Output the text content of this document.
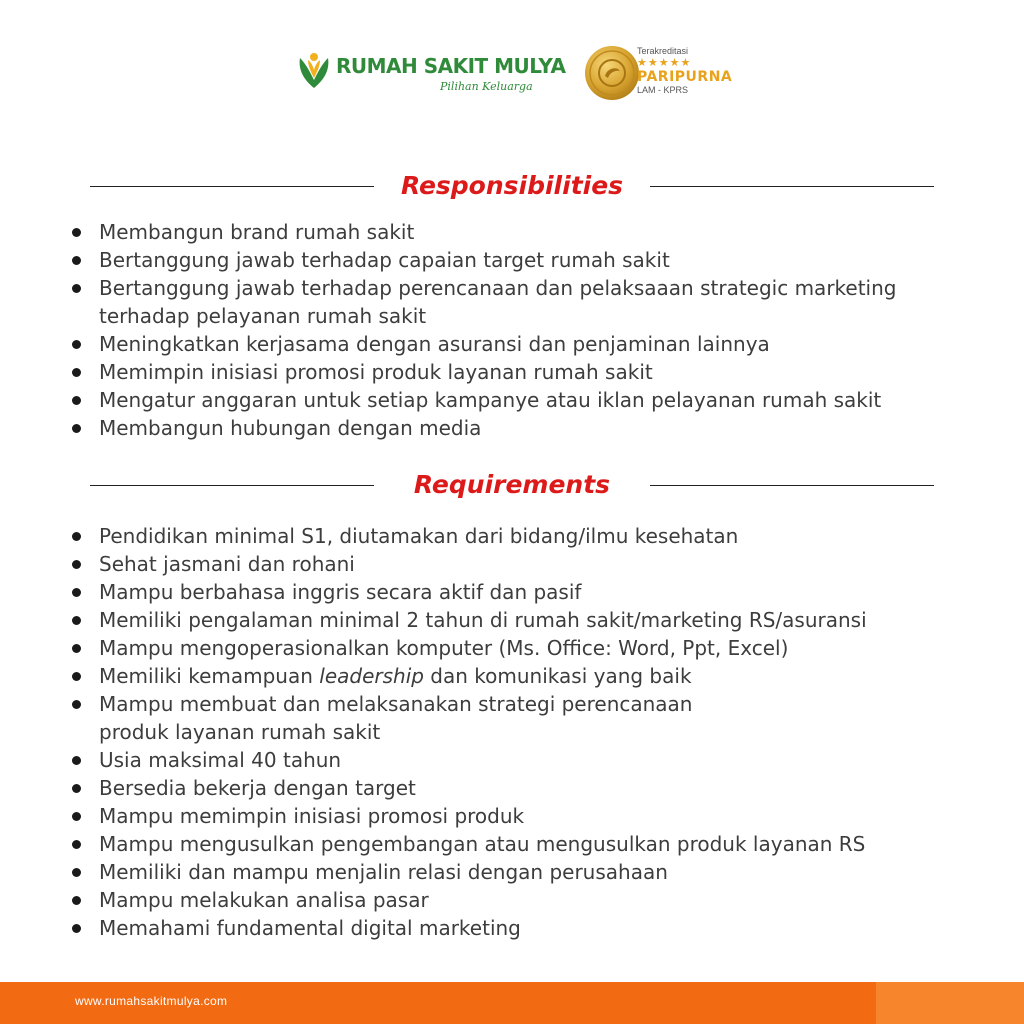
RUMAH SAKIT MULYA
Pilihan Keluarga
Terakreditasi
★★★★★
PARIPURNA
LAM - KPRS
Responsibilities
Membangun brand rumah sakit
Bertanggung jawab terhadap capaian target rumah sakit
Bertanggung jawab terhadap perencanaan dan pelaksaaan strategic marketing
terhadap pelayanan rumah sakit
Meningkatkan kerjasama dengan asuransi dan penjaminan lainnya
Memimpin inisiasi promosi produk layanan rumah sakit
Mengatur anggaran untuk setiap kampanye atau iklan pelayanan rumah sakit
Membangun hubungan dengan media
Requirements
Pendidikan minimal S1, diutamakan dari bidang/ilmu kesehatan
Sehat jasmani dan rohani
Mampu berbahasa inggris secara aktif dan pasif
Memiliki pengalaman minimal 2 tahun di rumah sakit/marketing RS/asuransi
Mampu mengoperasionalkan komputer (Ms. Office: Word, Ppt, Excel)
Memiliki kemampuan leadership dan komunikasi yang baik
Mampu membuat dan melaksanakan strategi perencanaan
produk layanan rumah sakit
Usia maksimal 40 tahun
Bersedia bekerja dengan target
Mampu memimpin inisiasi promosi produk
Mampu mengusulkan pengembangan atau mengusulkan produk layanan RS
Memiliki dan mampu menjalin relasi dengan perusahaan
Mampu melakukan analisa pasar
Memahami fundamental digital marketing
www.rumahsakitmulya.com
